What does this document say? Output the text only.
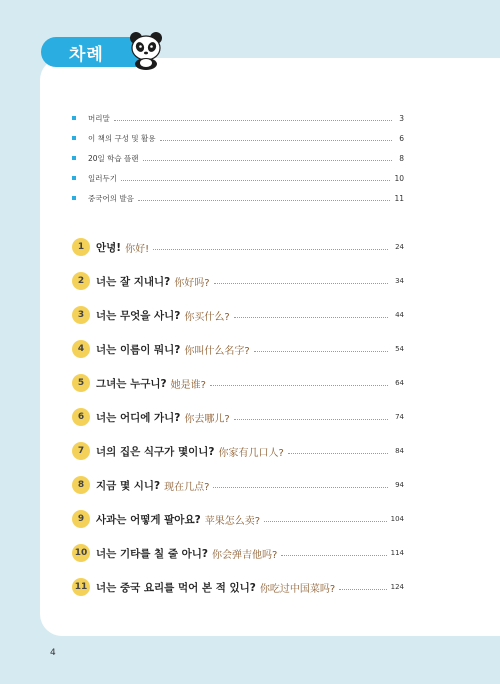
차례
머리말	3
이 책의 구성 및 활용	6
20일 학습 플랜	8
일러두기	10
중국어의 발음	11
1	안녕! 你好!	24
2	너는 잘 지내니? 你好吗?	34
3	너는 무엇을 사니? 你买什么?	44
4	너는 이름이 뭐니? 你叫什么名字?	54
5	그녀는 누구니? 她是谁?	64
6	너는 어디에 가니? 你去哪儿?	74
7	너의 집은 식구가 몇이니? 你家有几口人?	84
8	지금 몇 시니? 现在几点?	94
9	사과는 어떻게 팔아요? 苹果怎么卖?	104
10 너는 기타를 칠 줄 아니? 你会弹吉他吗?	114
11 너는 중국 요리를 먹어 본 적 있니? 你吃过中国菜吗?	124
4
